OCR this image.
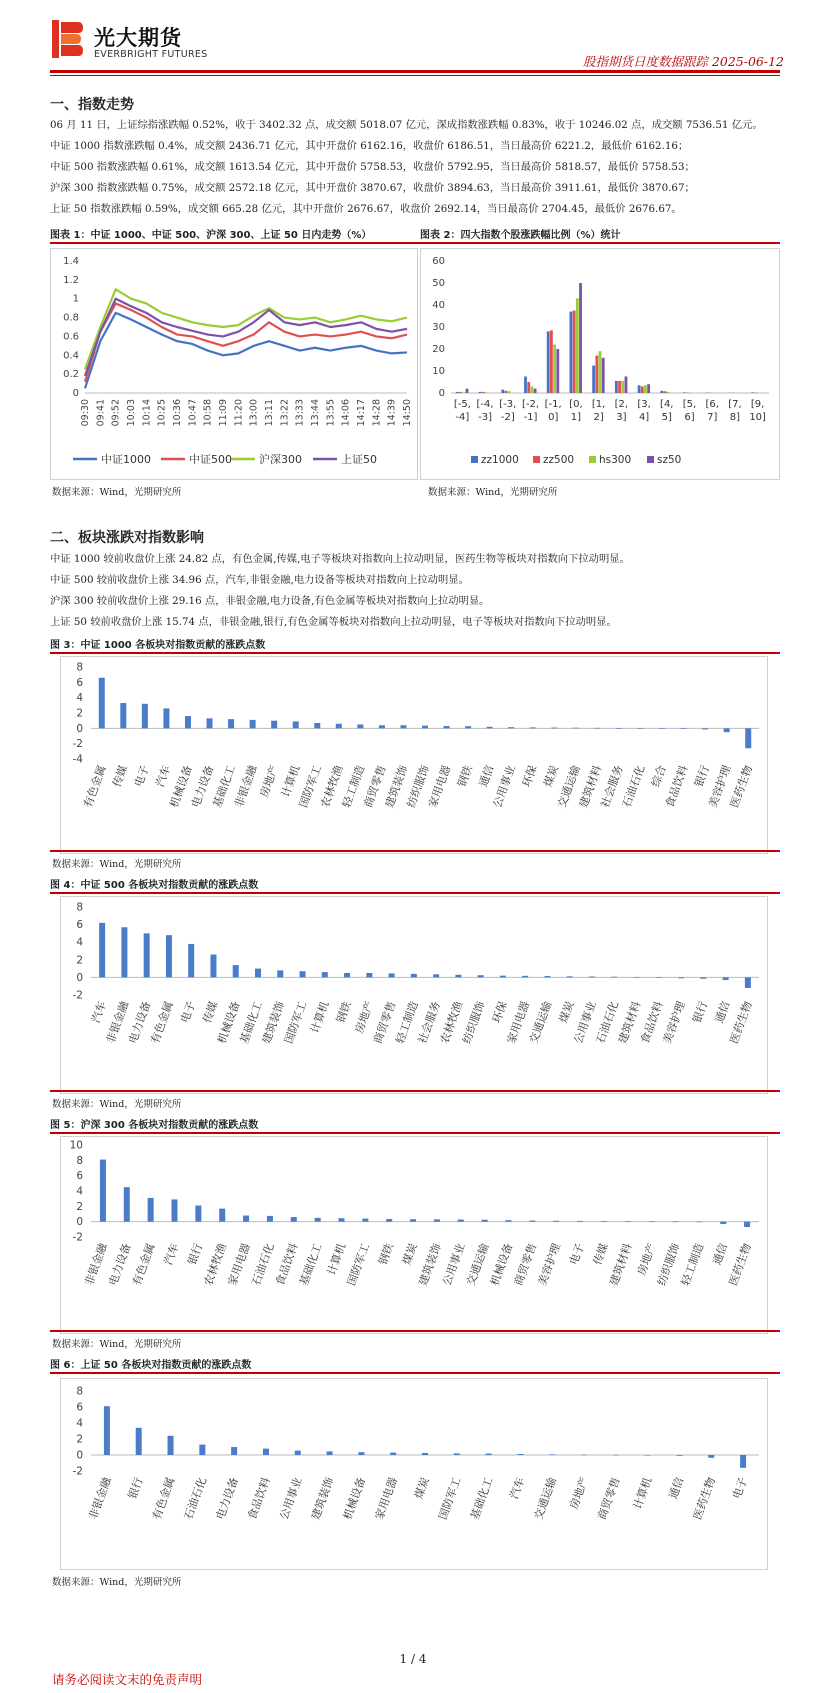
光大期货
EVERBRIGHT FUTURES	股指期货日度数据跟踪 2025-06-12
一、指数走势
06 月 11 日，上证综指涨跌幅 0.52%，收于 3402.32 点，成交额 5018.07 亿元，深成指数涨跌幅 0.83%，收于 10246.02 点，成交额 7536.51 亿元。
中证 1000 指数涨跌幅 0.4%，成交额 2436.71 亿元，其中开盘价 6162.16，收盘价 6186.51，当日最高价 6221.2，最低价 6162.16；
中证 500 指数涨跌幅 0.61%，成交额 1613.54 亿元，其中开盘价 5758.53，收盘价 5792.95，当日最高价 5818.57，最低价 5758.53；
沪深 300 指数涨跌幅 0.75%，成交额 2572.18 亿元，其中开盘价 3870.67，收盘价 3894.63，当日最高价 3911.61，最低价 3870.67；
上证 50 指数涨跌幅 0.59%，成交额 665.28 亿元，其中开盘价 2676.67，收盘价 2692.14，当日最高价 2704.45，最低价 2676.67。
图表 1：中证 1000、中证 500、沪深 300、上证 50 日内走势（%）	图表 2：四大指数个股涨跌幅比例（%）统计
0
0.2
0.4
0.6
0.8
1
1.2
1.4
09:30 09:41 09:52 10:03 10:14 10:25 10:36 10:47 10:58 11:09 11:20 13:00 13:11 13:22 13:33 13:44 13:55 14:06 14:17 14:28 14:39 14:50
中证1000	中证500 沪深300	上证50
0
10
20
30
40
50
60
[-5,
-4]
[-4,
-3]
[-3,
-2]
[-2,
-1]
[-1,
0]
[0,
1]
[1,
2]
[2,
3]
[3,
4]
[4,
5]
[5,
6]
[6,
7]
[7,
8]
[9,
10]
zz1000 zz500 hs300 sz50
数据来源：Wind，光期研究所	数据来源：Wind，光期研究所
二、板块涨跌对指数影响
中证 1000 较前收盘价上涨 24.82 点，有色金属,传媒,电子等板块对指数向上拉动明显，医药生物等板块对指数向下拉动明显。
中证 500 较前收盘价上涨 34.96 点，汽车,非银金融,电力设备等板块对指数向上拉动明显。
沪深 300 较前收盘价上涨 29.16 点，非银金融,电力设备,有色金属等板块对指数向上拉动明显。
上证 50 较前收盘价上涨 15.74 点，非银金融,银行,有色金属等板块对指数向上拉动明显，电子等板块对指数向下拉动明显。
图 3：中证 1000 各板块对指数贡献的涨跌点数
-4
-2
0
2
4
6
8
有色金属 传媒 电子 汽车
机械设备
电力设备
基础化工
非银金融
房地产
计算机
国防军工
农林牧渔
轻工制造
商贸零售
建筑装饰
纺织服饰
家用电器 钢铁 通信
公用事业 环保 煤炭
交通运输
建筑材料
社会服务
石油石化 综合
食品饮料 银行
美容护理
医药生物
数据来源：Wind，光期研究所
图 4：中证 500 各板块对指数贡献的涨跌点数
-2
0
2
4
6
8
汽车
非银金融
电力设备
有色金属 电子 传媒
机械设备
基础化工
建筑装饰
国防军工
计算机 钢铁
房地产
商贸零售
轻工制造
社会服务
农林牧渔
纺织服饰 环保
家用电器
交通运输 煤炭
公用事业
石油石化
建筑材料
食品饮料
美容护理 银行 通信
医药生物
数据来源：Wind，光期研究所
图 5：沪深 300 各板块对指数贡献的涨跌点数
-2
0
2
4
6
8
10
非银金融
电力设备
有色金属 汽车 银行
农林牧渔
家用电器
石油石化
食品饮料
基础化工 计算机
国防军工 钢铁 煤炭
建筑装饰
公用事业
交通运输
机械设备
商贸零售
美容护理 电子 传媒
建筑材料 房地产
纺织服饰
轻工制造 通信
医药生物
数据来源：Wind，光期研究所
图 6：上证 50 各板块对指数贡献的涨跌点数
-2
0
2
4
6
8
非银金融 银行 有色金属 石油石化 电力设备 食品饮料 公用事业 建筑装饰 机械设备 家用电器 煤炭 国防军工 基础化工 汽车 交通运输 房地产 商贸零售 计算机 通信 医药生物 电子
数据来源：Wind，光期研究所
1 / 4
请务必阅读文末的免责声明
